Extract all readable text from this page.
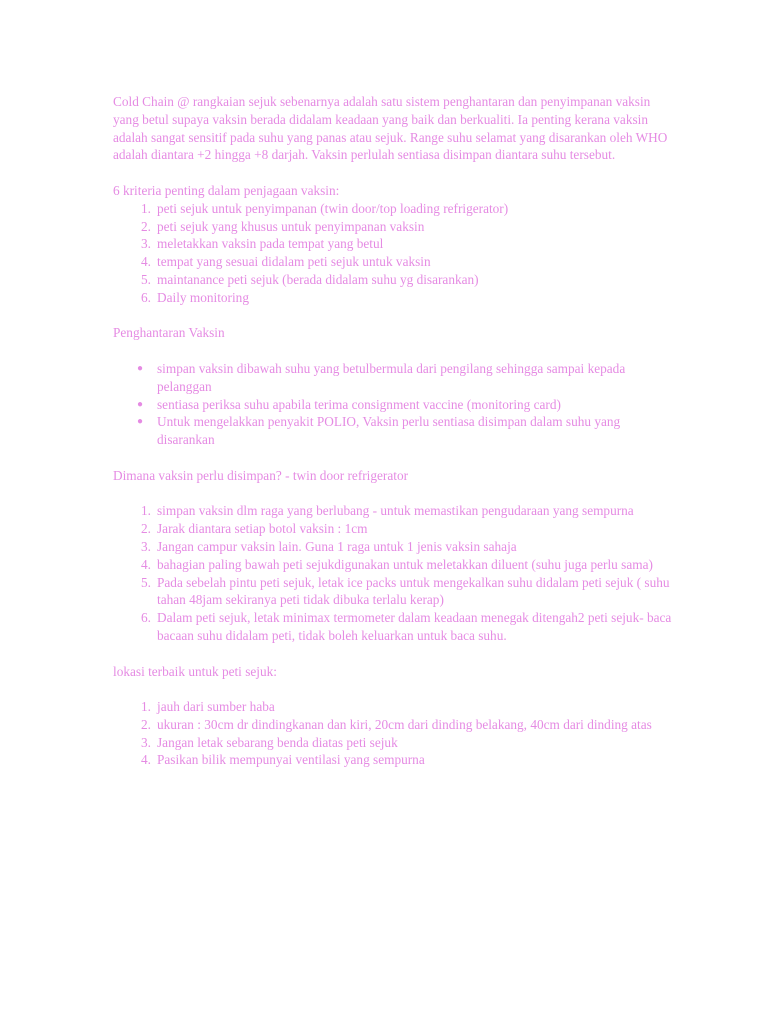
Cold Chain @ rangkaian sejuk sebenarnya adalah satu sistem penghantaran dan penyimpanan vaksin yang betul supaya vaksin berada didalam keadaan yang baik dan berkualiti. Ia penting kerana vaksin adalah sangat sensitif pada suhu yang panas atau sejuk. Range suhu selamat yang disarankan oleh WHO adalah diantara +2 hingga +8 darjah. Vaksin perlulah sentiasa disimpan diantara suhu tersebut.

6 kriteria penting dalam penjagaan vaksin:

1. peti sejuk untuk penyimpanan (twin door/top loading refrigerator)
2. peti sejuk yang khusus untuk penyimpanan vaksin
3. meletakkan vaksin pada tempat yang betul
4. tempat yang sesuai didalam peti sejuk untuk vaksin
5. maintanance peti sejuk (berada didalam suhu yg disarankan)
6. Daily monitoring

Penghantaran Vaksin

● simpan vaksin dibawah suhu yang betulbermula dari pengilang sehingga sampai kepada pelanggan
● sentiasa periksa suhu apabila terima consignment vaccine (monitoring card)
● Untuk mengelakkan penyakit POLIO, Vaksin perlu sentiasa disimpan dalam suhu yang disarankan

Dimana vaksin perlu disimpan? - twin door refrigerator

1. simpan vaksin dlm raga yang berlubang - untuk memastikan pengudaraan yang sempurna
2. Jarak diantara setiap botol vaksin : 1cm
3. Jangan campur vaksin lain. Guna 1 raga untuk 1 jenis vaksin sahaja
4. bahagian paling bawah peti sejukdigunakan untuk meletakkan diluent (suhu juga perlu sama)
5. Pada sebelah pintu peti sejuk, letak ice packs untuk mengekalkan suhu didalam peti sejuk ( suhu tahan 48jam sekiranya peti tidak dibuka terlalu kerap)
6. Dalam peti sejuk, letak minimax termometer dalam keadaan menegak ditengah2 peti sejuk- baca bacaan suhu didalam peti, tidak boleh keluarkan untuk baca suhu.

lokasi terbaik untuk peti sejuk:

1. jauh dari sumber haba
2. ukuran : 30cm dr dindingkanan dan kiri, 20cm dari dinding belakang, 40cm dari dinding atas
3. Jangan letak sebarang benda diatas peti sejuk
4. Pasikan bilik mempunyai ventilasi yang sempurna
